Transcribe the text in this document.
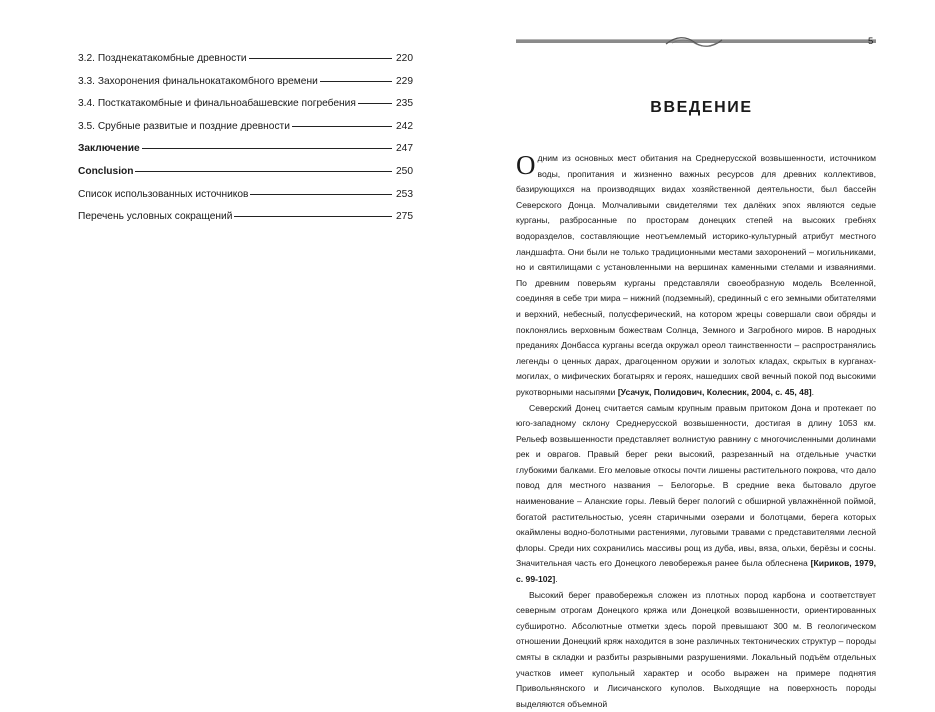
3.2. Позднекатакомбные древности	220
3.3. Захоронения финальнокатакомбного времени	229
3.4. Посткатакомбные и финальноабашевские погребения	235
3.5. Срубные развитые и поздние древности	242
Заключение	247
Conclusion	250
Список использованных источников	253
Перечень условных сокращений	275
5
ВВЕДЕНИЕ

Одним из основных мест обитания на Среднерусской возвышенности, источником воды, пропитания и жизненно важных ресурсов для древних коллективов, базирующихся на производящих видах хозяйственной деятельности, был бассейн Северского Донца. Молчаливыми свидетелями тех далёких эпох являются седые курганы, разбросанные по просторам донецких степей на высоких гребнях водоразделов, составляющие неотъемлемый историко-культурный атрибут местного ландшафта. Они были не только традиционными местами захоронений – могильниками, но и святилищами с установленными на вершинах каменными стелами и изваяниями. По древним поверьям курганы представляли своеобразную модель Вселенной, соединяя в себе три мира – нижний (подземный), срединный с его земными обитателями и верхний, небесный, полусферический, на котором жрецы совершали свои обряды и поклонялись верховным божествам Солнца, Земного и Загробного миров. В народных преданиях Донбасса курганы всегда окружал ореол таинственности – распространялись легенды о ценных дарах, драгоценном оружии и золотых кладах, скрытых в курганах-могилах, о мифических богатырях и героях, нашедших свой вечный покой под высокими рукотворными насыпями [Усачук, Полидович, Колесник, 2004, с. 45, 48].

Северский Донец считается самым крупным правым притоком Дона и протекает по юго-западному склону Среднерусской возвышенности, достигая в длину 1053 км. Рельеф возвышенности представляет волнистую равнину с многочисленными долинами рек и оврагов. Правый берег реки высокий, разрезанный на отдельные участки глубокими балками. Его меловые откосы почти лишены растительного покрова, что дало повод для местного названия – Белогорье. В средние века бытовало другое наименование – Аланские горы. Левый берег пологий с обширной увлажнённой поймой, богатой растительностью, усеян старичными озерами и болотцами, берега которых окаймлены водно-болотными растениями, луговыми травами с представителями лесной флоры. Среди них сохранились массивы рощ из дуба, ивы, вяза, ольхи, берёзы и сосны. Значительная часть его Донецкого левобережья ранее была облеснена [Кириков, 1979, с. 99-102].

Высокий берег правобережья сложен из плотных пород карбона и соответствует северным отрогам Донецкого кряжа или Донецкой возвышенности, ориентированных субширотно. Абсолютные отметки здесь порой превышают 300 м. В геологическом отношении Донецкий кряж находится в зоне различных тектонических структур – породы смяты в складки и разбиты разрывными разрушениями. Локальный подъём отдельных участков имеет купольный характер и особо выражен на примере поднятия Привольнянского и Лисичанского куполов. Выходящие на поверхность породы выделяются объемной
